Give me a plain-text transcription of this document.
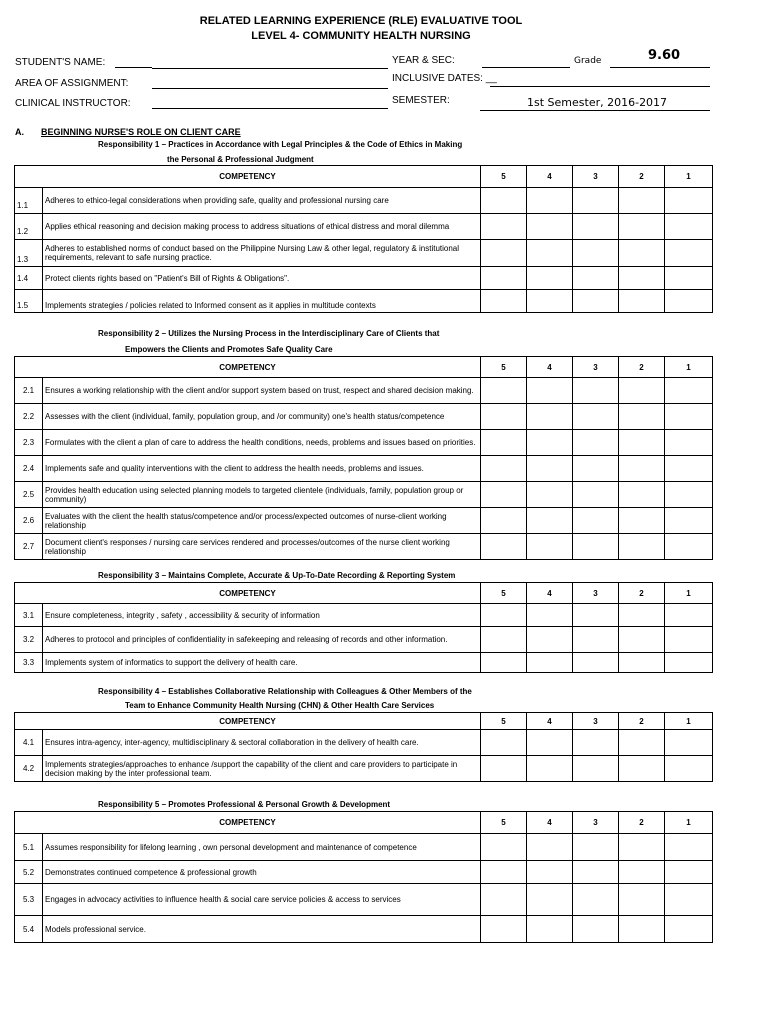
RELATED LEARNING EXPERIENCE (RLE) EVALUATIVE TOOL
LEVEL 4- COMMUNITY HEALTH NURSING
STUDENT'S NAME:
AREA OF ASSIGNMENT:
CLINICAL INSTRUCTOR:
YEAR & SEC:	Grade	9.60
INCLUSIVE DATES: __
SEMESTER:	1st Semester, 2016-2017
A. BEGINNING NURSE'S ROLE ON CLIENT CARE
Responsibility 1 – Practices in Accordance with Legal Principles & the Code of Ethics in Making
the Personal & Professional Judgment
COMPETENCY		5	4	3	2	1
1.1	Adheres to ethico-legal considerations when providing safe, quality and professional nursing care					
1.2	Applies ethical reasoning and decision making process to address situations of ethical distress and moral dilemma					
1.3	Adheres to established norms of conduct based on the Philippine Nursing Law & other legal, regulatory & institutional requirements, relevant to safe nursing practice.					
1.4	Protect clients rights based on "Patient's Bill of Rights & Obligations".					
1.5	Implements strategies / policies related to Informed consent as it applies in multitude contexts					
Responsibility 2 – Utilizes the Nursing Process in the Interdisciplinary Care of Clients that
Empowers the Clients and Promotes Safe Quality Care
COMPETENCY		5	4	3	2	1
2.1	Ensures a working relationship with the client and/or support system based on trust, respect and shared decision making.					
2.2	Assesses with the client (individual, family, population group, and /or community) one's health status/competence					
2.3	Formulates with the client a plan of care to address the health conditions, needs, problems and issues based on priorities.					
2.4	Implements safe and quality interventions with the client to address the health needs, problems and issues.					
2.5	Provides health education using selected planning models to targeted clientele (individuals, family, population group or community)					
2.6	Evaluates with the client the health status/competence and/or process/expected outcomes of nurse-client working relationship					
2.7	Document client's responses / nursing care services rendered and processes/outcomes of the nurse client working relationship					
Responsibility 3 – Maintains Complete, Accurate & Up-To-Date Recording & Reporting System
COMPETENCY		5	4	3	2	1
3.1	Ensure completeness, integrity , safety , accessibility & security of information					
3.2	Adheres to protocol and principles of confidentiality in safekeeping and releasing of records and other information.					
3.3	Implements system of informatics to support the delivery of health care.					
Responsibility 4 – Establishes Collaborative Relationship with Colleagues & Other Members of the
Team to Enhance Community Health Nursing (CHN) & Other Health Care Services
COMPETENCY		5	4	3	2	1
4.1	Ensures intra-agency, inter-agency, multidisciplinary & sectoral collaboration in the delivery of health care.					
4.2	Implements strategies/approaches to enhance /support the capability of the client and care providers to participate in decision making by the inter professional team.					
Responsibility 5 – Promotes Professional & Personal Growth & Development
COMPETENCY		5	4	3	2	1
5.1	Assumes responsibility for lifelong learning , own personal development and maintenance of competence					
5.2	Demonstrates continued competence & professional growth					
5.3	Engages in advocacy activities to influence health & social care service policies & access to services					
5.4	Models professional service.					
